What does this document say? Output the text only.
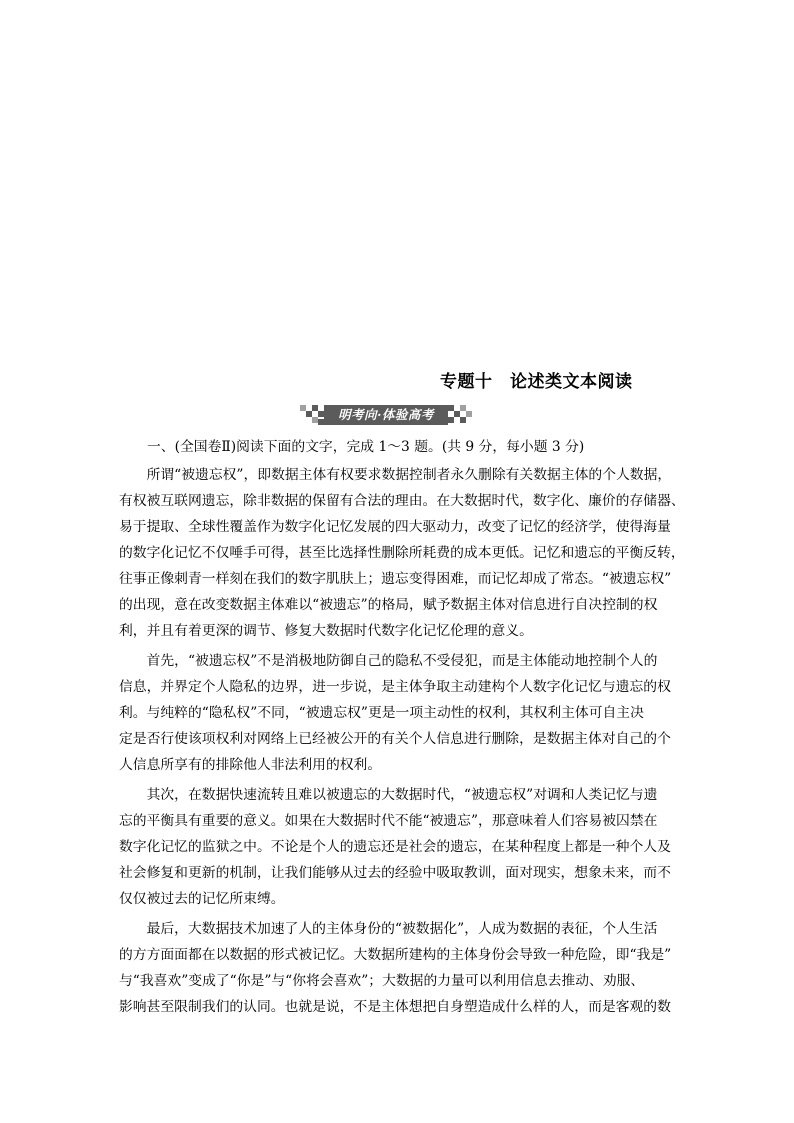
专题十　论述类文本阅读
明考向·体验高考
一、(全国卷Ⅱ)阅读下面的文字，完成 1～3 题。(共 9 分，每小题 3 分)
　　所谓“被遗忘权”，即数据主体有权要求数据控制者永久删除有关数据主体的个人数据，
有权被互联网遗忘，除非数据的保留有合法的理由。在大数据时代，数字化、廉价的存储器、
易于提取、全球性覆盖作为数字化记忆发展的四大驱动力，改变了记忆的经济学，使得海量
的数字化记忆不仅唾手可得，甚至比选择性删除所耗费的成本更低。记忆和遗忘的平衡反转，
往事正像刺青一样刻在我们的数字肌肤上；遗忘变得困难，而记忆却成了常态。“被遗忘权”
的出现，意在改变数据主体难以“被遗忘”的格局，赋予数据主体对信息进行自决控制的权
利，并且有着更深的调节、修复大数据时代数字化记忆伦理的意义。
　　首先，“被遗忘权”不是消极地防御自己的隐私不受侵犯，而是主体能动地控制个人的
信息，并界定个人隐私的边界，进一步说，是主体争取主动建构个人数字化记忆与遗忘的权
利。与纯粹的“隐私权”不同，“被遗忘权”更是一项主动性的权利，其权利主体可自主决
定是否行使该项权利对网络上已经被公开的有关个人信息进行删除，是数据主体对自己的个
人信息所享有的排除他人非法利用的权利。
　　其次，在数据快速流转且难以被遗忘的大数据时代，“被遗忘权”对调和人类记忆与遗
忘的平衡具有重要的意义。如果在大数据时代不能“被遗忘”，那意味着人们容易被囚禁在
数字化记忆的监狱之中。不论是个人的遗忘还是社会的遗忘，在某种程度上都是一种个人及
社会修复和更新的机制，让我们能够从过去的经验中吸取教训，面对现实，想象未来，而不
仅仅被过去的记忆所束缚。
　　最后，大数据技术加速了人的主体身份的“被数据化”，人成为数据的表征，个人生活
的方方面面都在以数据的形式被记忆。大数据所建构的主体身份会导致一种危险，即“我是”
与“我喜欢”变成了“你是”与“你将会喜欢”；大数据的力量可以利用信息去推动、劝服、
影响甚至限制我们的认同。也就是说，不是主体想把自身塑造成什么样的人，而是客观的数
